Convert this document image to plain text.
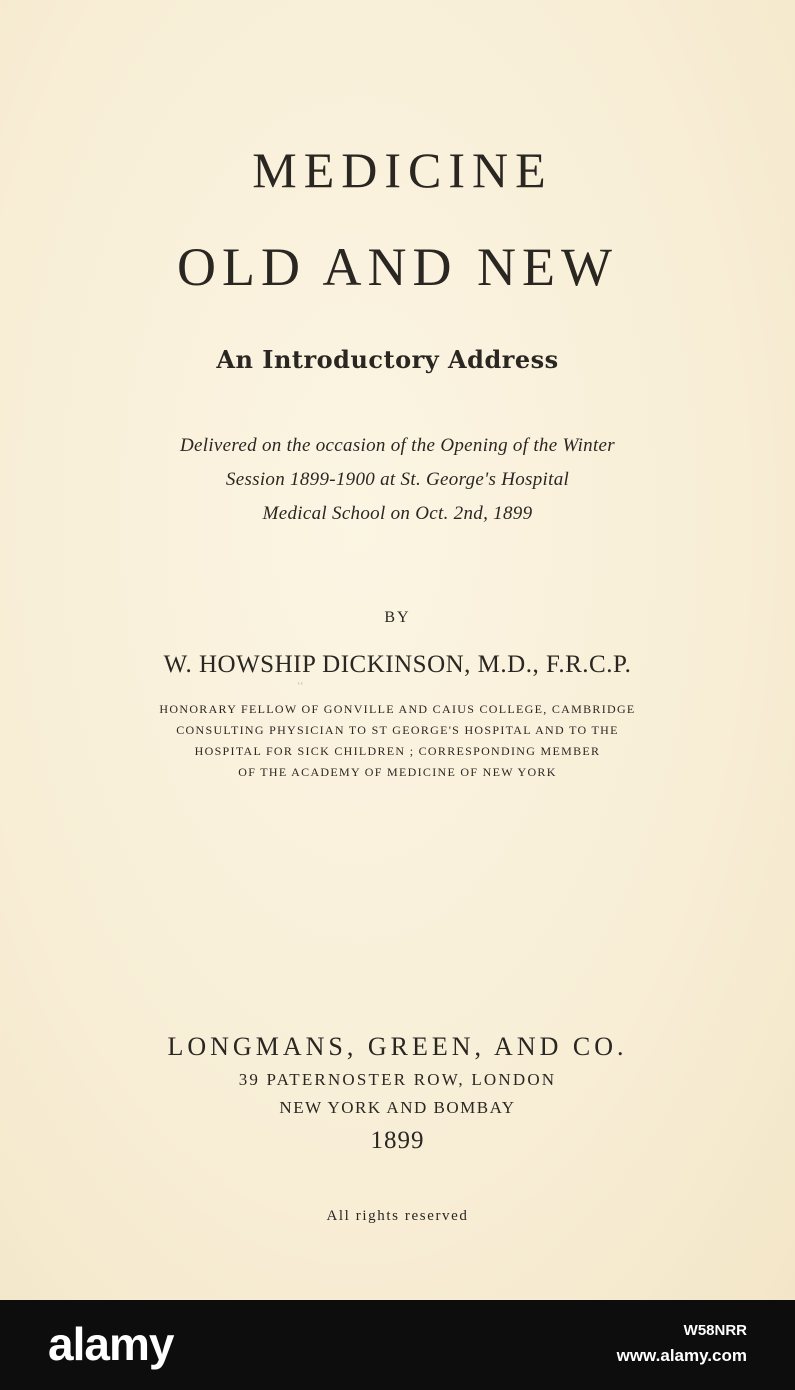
MEDICINE
OLD AND NEW
An Introductory Address
Delivered on the occasion of the Opening of the Winter
Session 1899-1900 at St. George's Hospital
Medical School on Oct. 2nd, 1899
BY
W. HOWSHIP DICKINSON, M.D., F.R.C.P.
HONORARY FELLOW OF GONVILLE AND CAIUS COLLEGE, CAMBRIDGE
CONSULTING PHYSICIAN TO ST GEORGE'S HOSPITAL AND TO THE
HOSPITAL FOR SICK CHILDREN ; CORRESPONDING MEMBER
OF THE ACADEMY OF MEDICINE OF NEW YORK
LONGMANS, GREEN, AND CO.
39 PATERNOSTER ROW, LONDON
NEW YORK AND BOMBAY
1899
All rights reserved
‘‘
alamy	W58NRR
www.alamy.com
